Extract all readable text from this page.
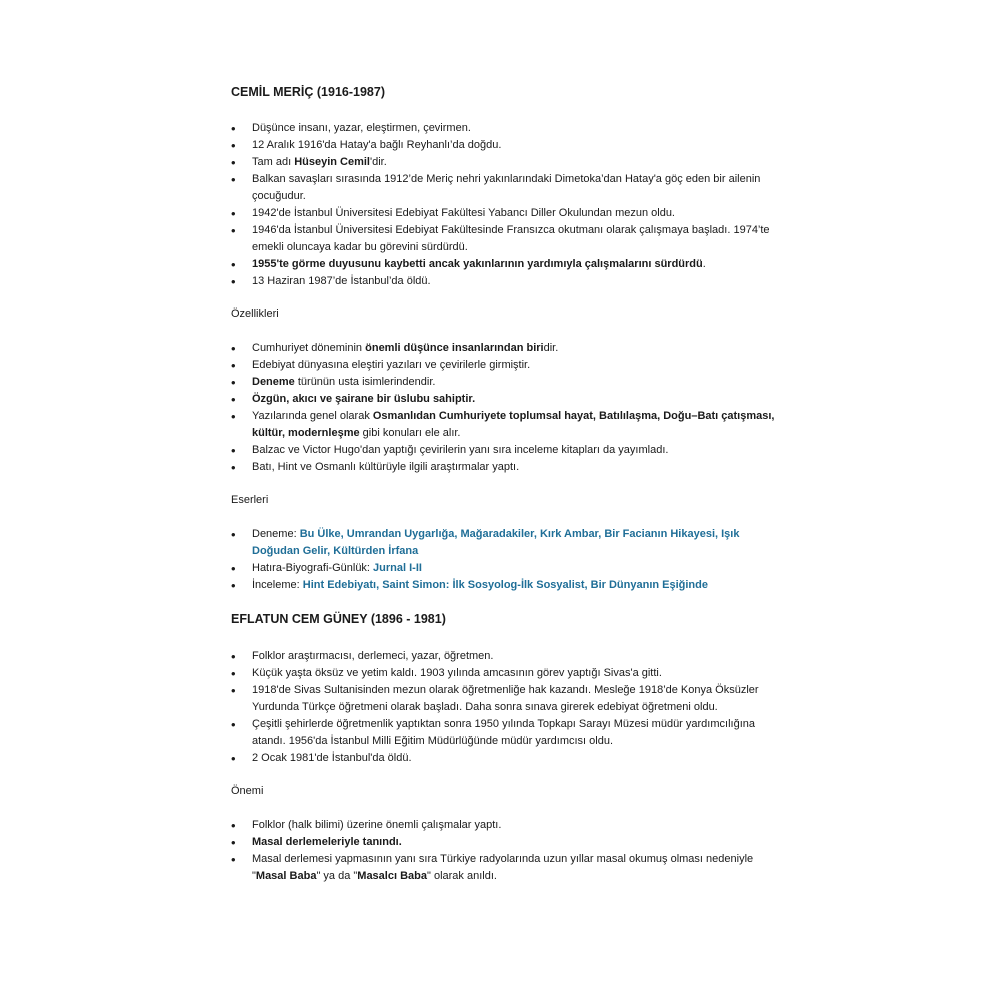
CEMİL MERİÇ (1916-1987)
• Düşünce insanı, yazar, eleştirmen, çevirmen.
• 12 Aralık 1916'da Hatay'a bağlı Reyhanlı’da doğdu.
• Tam adı Hüseyin Cemil'dir.
• Balkan savaşları sırasında 1912’de Meriç nehri yakınlarındaki Dimetoka’dan Hatay'a göç eden bir ailenin çocuğudur.
• 1942'de İstanbul Üniversitesi Edebiyat Fakültesi Yabancı Diller Okulundan mezun oldu.
• 1946'da İstanbul Üniversitesi Edebiyat Fakültesinde Fransızca okutmanı olarak çalışmaya başladı. 1974’te emekli oluncaya kadar bu görevini sürdürdü.
• 1955'te görme duyusunu kaybetti ancak yakınlarının yardımıyla çalışmalarını sürdürdü.
• 13 Haziran 1987’de İstanbul’da öldü.

Özellikleri

• Cumhuriyet döneminin önemli düşünce insanlarından biridir.
• Edebiyat dünyasına eleştiri yazıları ve çevirilerle girmiştir.
• Deneme türünün usta isimlerindendir.
• Özgün, akıcı ve şairane bir üslubu sahiptir.
• Yazılarında genel olarak Osmanlıdan Cumhuriyete toplumsal hayat, Batılılaşma, Doğu–Batı çatışması, kültür, modernleşme gibi konuları ele alır.
• Balzac ve Victor Hugo'dan yaptığı çevirilerin yanı sıra inceleme kitapları da yayımladı.
• Batı, Hint ve Osmanlı kültürüyle ilgili araştırmalar yaptı.

Eserleri

• Deneme: Bu Ülke, Umrandan Uygarlığa, Mağaradakiler, Kırk Ambar, Bir Facianın Hikayesi, Işık Doğudan Gelir, Kültürden İrfana
• Hatıra-Biyografi-Günlük: Jurnal I-II
• İnceleme: Hint Edebiyatı, Saint Simon: İlk Sosyolog-İlk Sosyalist, Bir Dünyanın Eşiğinde
EFLATUN CEM GÜNEY (1896 - 1981)
• Folklor araştırmacısı, derlemeci, yazar, öğretmen.
• Küçük yaşta öksüz ve yetim kaldı. 1903 yılında amcasının görev yaptığı Sivas'a gitti.
• 1918'de Sivas Sultanisinden mezun olarak öğretmenliğe hak kazandı. Mesleğe 1918’de Konya Öksüzler Yurdunda Türkçe öğretmeni olarak başladı. Daha sonra sınava girerek edebiyat öğretmeni oldu.
• Çeşitli şehirlerde öğretmenlik yaptıktan sonra 1950 yılında Topkapı Sarayı Müzesi müdür yardımcılığına atandı. 1956'da İstanbul Milli Eğitim Müdürlüğünde müdür yardımcısı oldu.
• 2 Ocak 1981'de İstanbul'da öldü.

Önemi

• Folklor (halk bilimi) üzerine önemli çalışmalar yaptı.
• Masal derlemeleriyle tanındı.
• Masal derlemesi yapmasının yanı sıra Türkiye radyolarında uzun yıllar masal okumuş olması nedeniyle "Masal Baba" ya da "Masalcı Baba" olarak anıldı.
